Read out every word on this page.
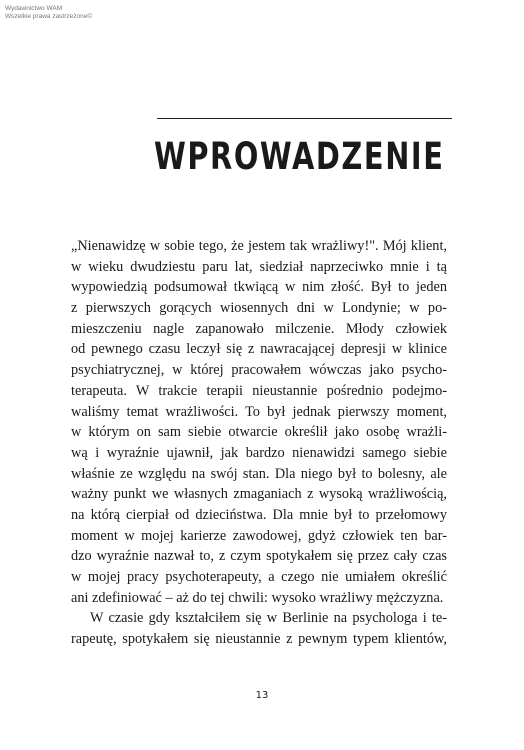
Wydawnictwo WAM
Wszelkie prawa zastrzeżone©
WPROWADZENIE
„Nienawidzę w sobie tego, że jestem tak wrażliwy!". Mój klient,
w wieku dwudziestu paru lat, siedział naprzeciwko mnie i tą
wypowiedzią podsumował tkwiącą w nim złość. Był to jeden
z pierwszych gorących wiosennych dni w Londynie; w po-
mieszczeniu nagle zapanowało milczenie. Młody człowiek
od pewnego czasu leczył się z nawracającej depresji w klinice
psychiatrycznej, w której pracowałem wówczas jako psycho-
terapeuta. W trakcie terapii nieustannie pośrednio podejmo-
waliśmy temat wrażliwości. To był jednak pierwszy moment,
w którym on sam siebie otwarcie określił jako osobę wrażli-
wą i wyraźnie ujawnił, jak bardzo nienawidzi samego siebie
właśnie ze względu na swój stan. Dla niego był to bolesny, ale
ważny punkt we własnych zmaganiach z wysoką wrażliwością,
na którą cierpiał od dzieciństwa. Dla mnie był to przełomowy
moment w mojej karierze zawodowej, gdyż człowiek ten bar-
dzo wyraźnie nazwał to, z czym spotykałem się przez cały czas
w mojej pracy psychoterapeuty, a czego nie umiałem określić
ani zdefiniować – aż do tej chwili: wysoko wrażliwy mężczyzna.
W czasie gdy kształciłem się w Berlinie na psychologa i te-
rapeutę, spotykałem się nieustannie z pewnym typem klientów,
13
